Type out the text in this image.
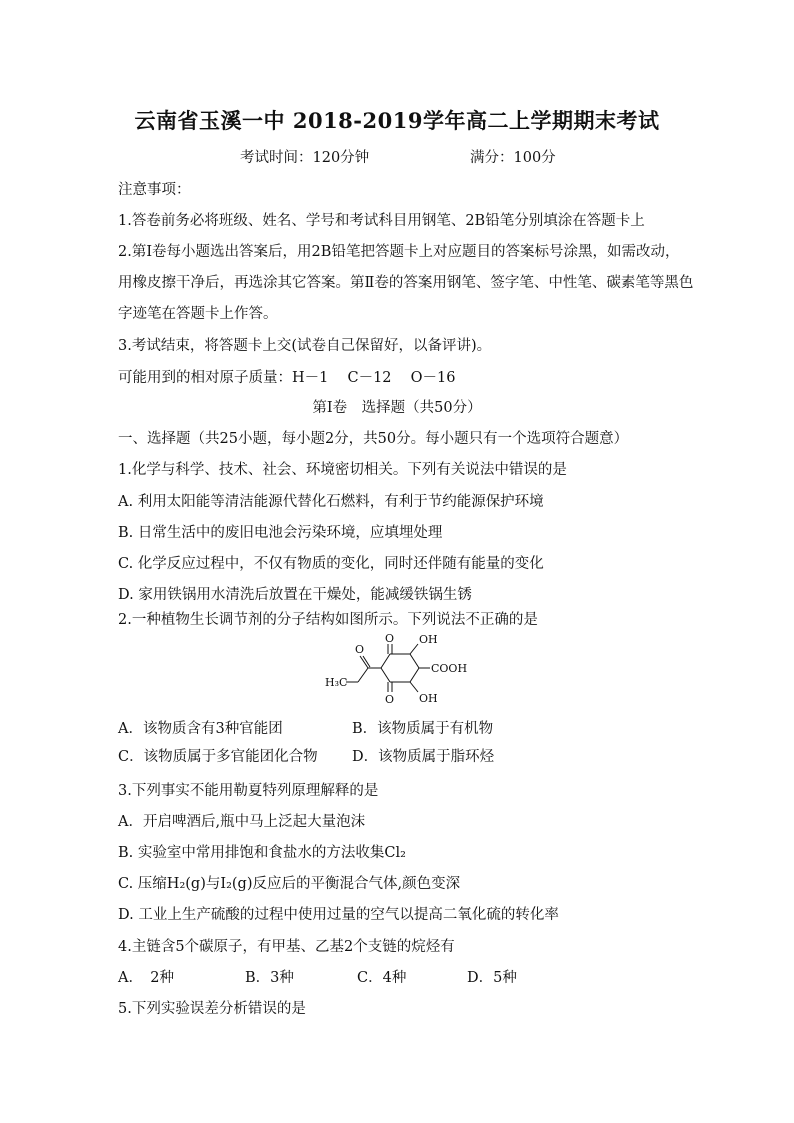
云南省玉溪一中 2018-2019学年高二上学期期末考试
考试时间：120分钟	满分：100分
注意事项：
1.答卷前务必将班级、姓名、学号和考试科目用钢笔、2B铅笔分别填涂在答题卡上
2.第Ⅰ卷每小题选出答案后，用2B铅笔把答题卡上对应题目的答案标号涂黑，如需改动，
用橡皮擦干净后，再选涂其它答案。第Ⅱ卷的答案用钢笔、签字笔、中性笔、碳素笔等黑色
字迹笔在答题卡上作答。
3.考试结束，将答题卡上交(试卷自己保留好，以备评讲)。
可能用到的相对原子质量：H－1　 C－12　 O－16
第Ⅰ卷　选择题（共50分）
一、选择题（共25小题，每小题2分，共50分。每小题只有一个选项符合题意）
1.化学与科学、技术、社会、环境密切相关。下列有关说法中错误的是
A. 利用太阳能等清洁能源代替化石燃料，有利于节约能源保护环境
B. 日常生活中的废旧电池会污染环境，应填埋处理
C. 化学反应过程中，不仅有物质的变化，同时还伴随有能量的变化
D. 家用铁锅用水清洗后放置在干燥处，能减缓铁锅生锈
2.一种植物生长调节剂的分子结构如图所示。下列说法不正确的是
O
O
O
OH
COOH
OH
H₃C
A．该物质含有3种官能团	B．该物质属于有机物
C．该物质属于多官能团化合物 D．该物质属于脂环烃
3.下列事实不能用勒夏特列原理解释的是
A．开启啤酒后,瓶中马上泛起大量泡沫
B. 实验室中常用排饱和食盐水的方法收集Cl₂
C. 压缩H₂(g)与I₂(g)反应后的平衡混合气体,颜色变深
D. 工业上生产硫酸的过程中使用过量的空气以提高二氧化硫的转化率
4.主链含5个碳原子，有甲基、乙基2个支链的烷烃有
A．　2种	B．3种	C．4种	D．5种
5.下列实验误差分析错误的是
